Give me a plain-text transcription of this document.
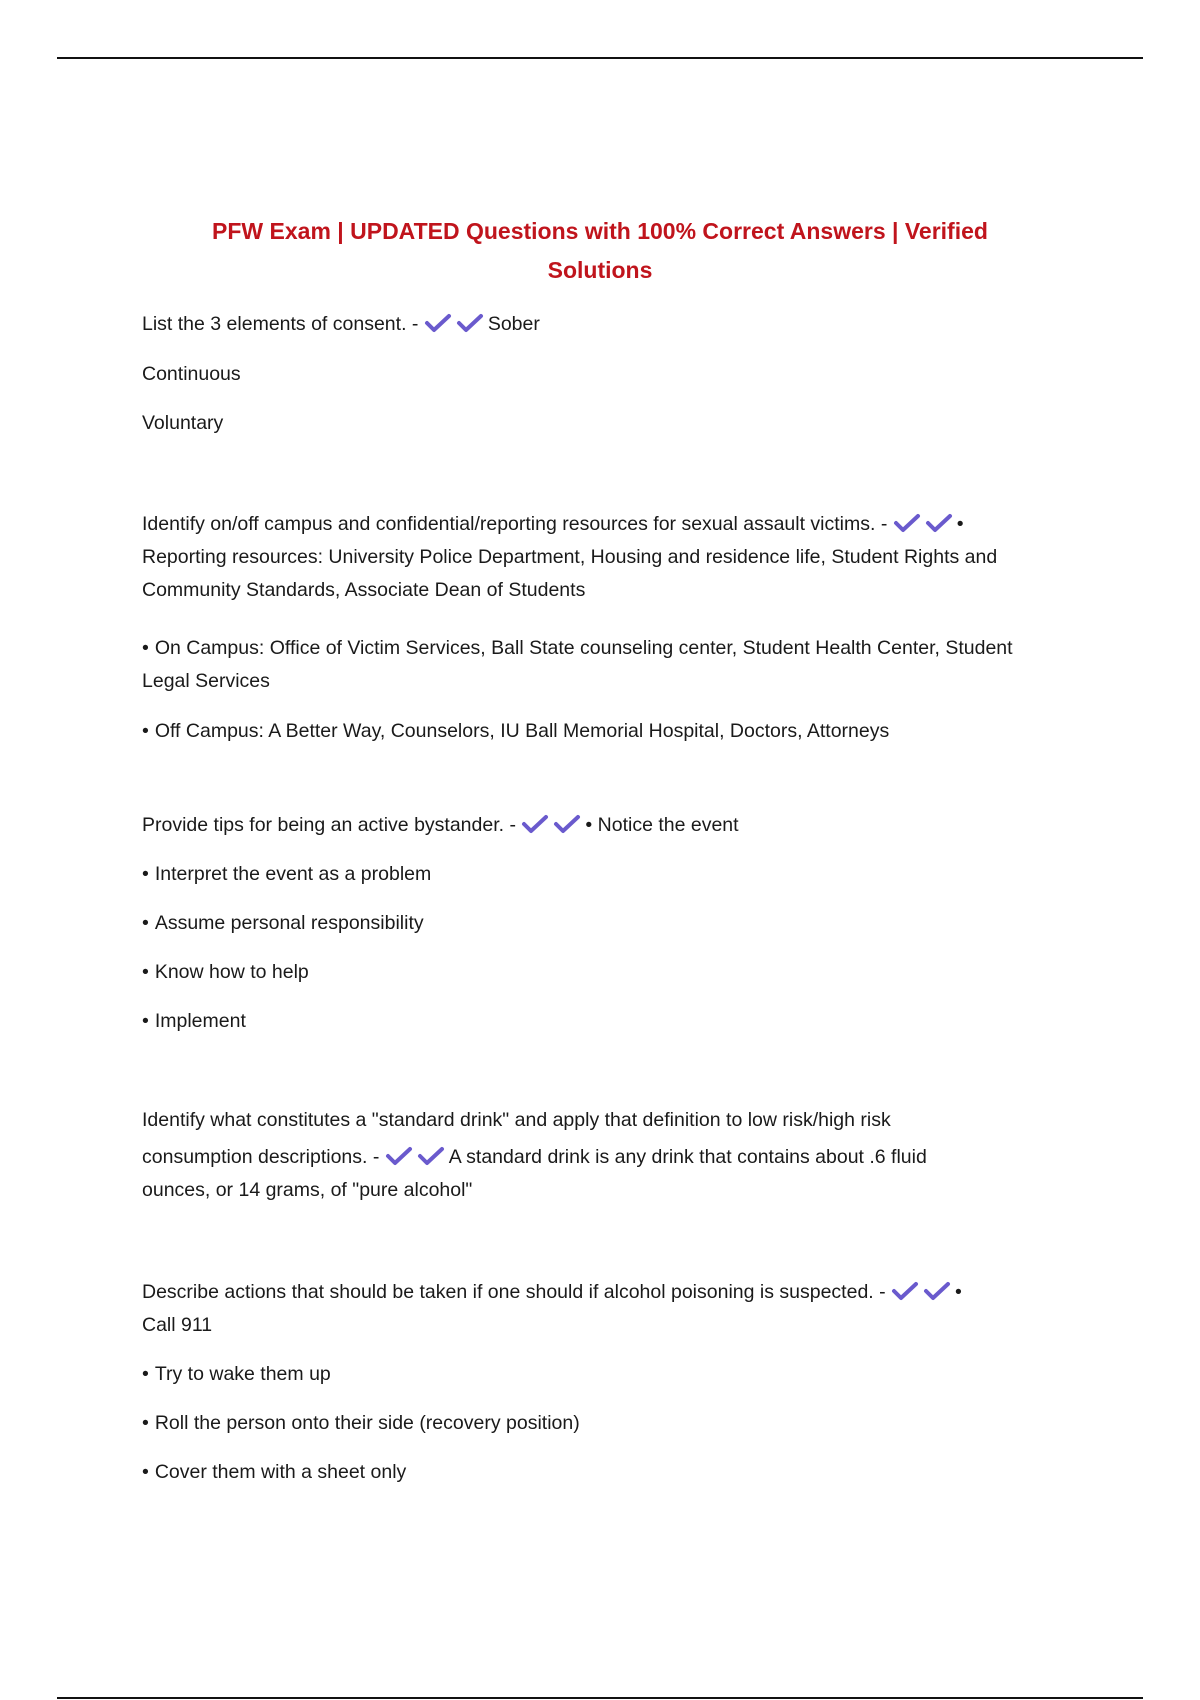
PFW Exam | UPDATED Questions with 100% Correct Answers | Verified
Solutions

List the 3 elements of consent. -	Sober

Continuous

Voluntary

Identify on/off campus and confidential/reporting resources for sexual assault victims. -	•

Reporting resources: University Police Department, Housing and residence life, Student Rights and Community Standards, Associate Dean of Students

• On Campus: Office of Victim Services, Ball State counseling center, Student Health Center, Student Legal Services

• Off Campus: A Better Way, Counselors, IU Ball Memorial Hospital, Doctors, Attorneys

Provide tips for being an active bystander. -	• Notice the event

• Interpret the event as a problem

• Assume personal responsibility

• Know how to help

• Implement

Identify what constitutes a "standard drink" and apply that definition to low risk/high risk

consumption descriptions. -	A standard drink is any drink that contains about .6 fluid

ounces, or 14 grams, of "pure alcohol"

Describe actions that should be taken if one should if alcohol poisoning is suspected. -	•

Call 911

• Try to wake them up

• Roll the person onto their side (recovery position)

• Cover them with a sheet only
